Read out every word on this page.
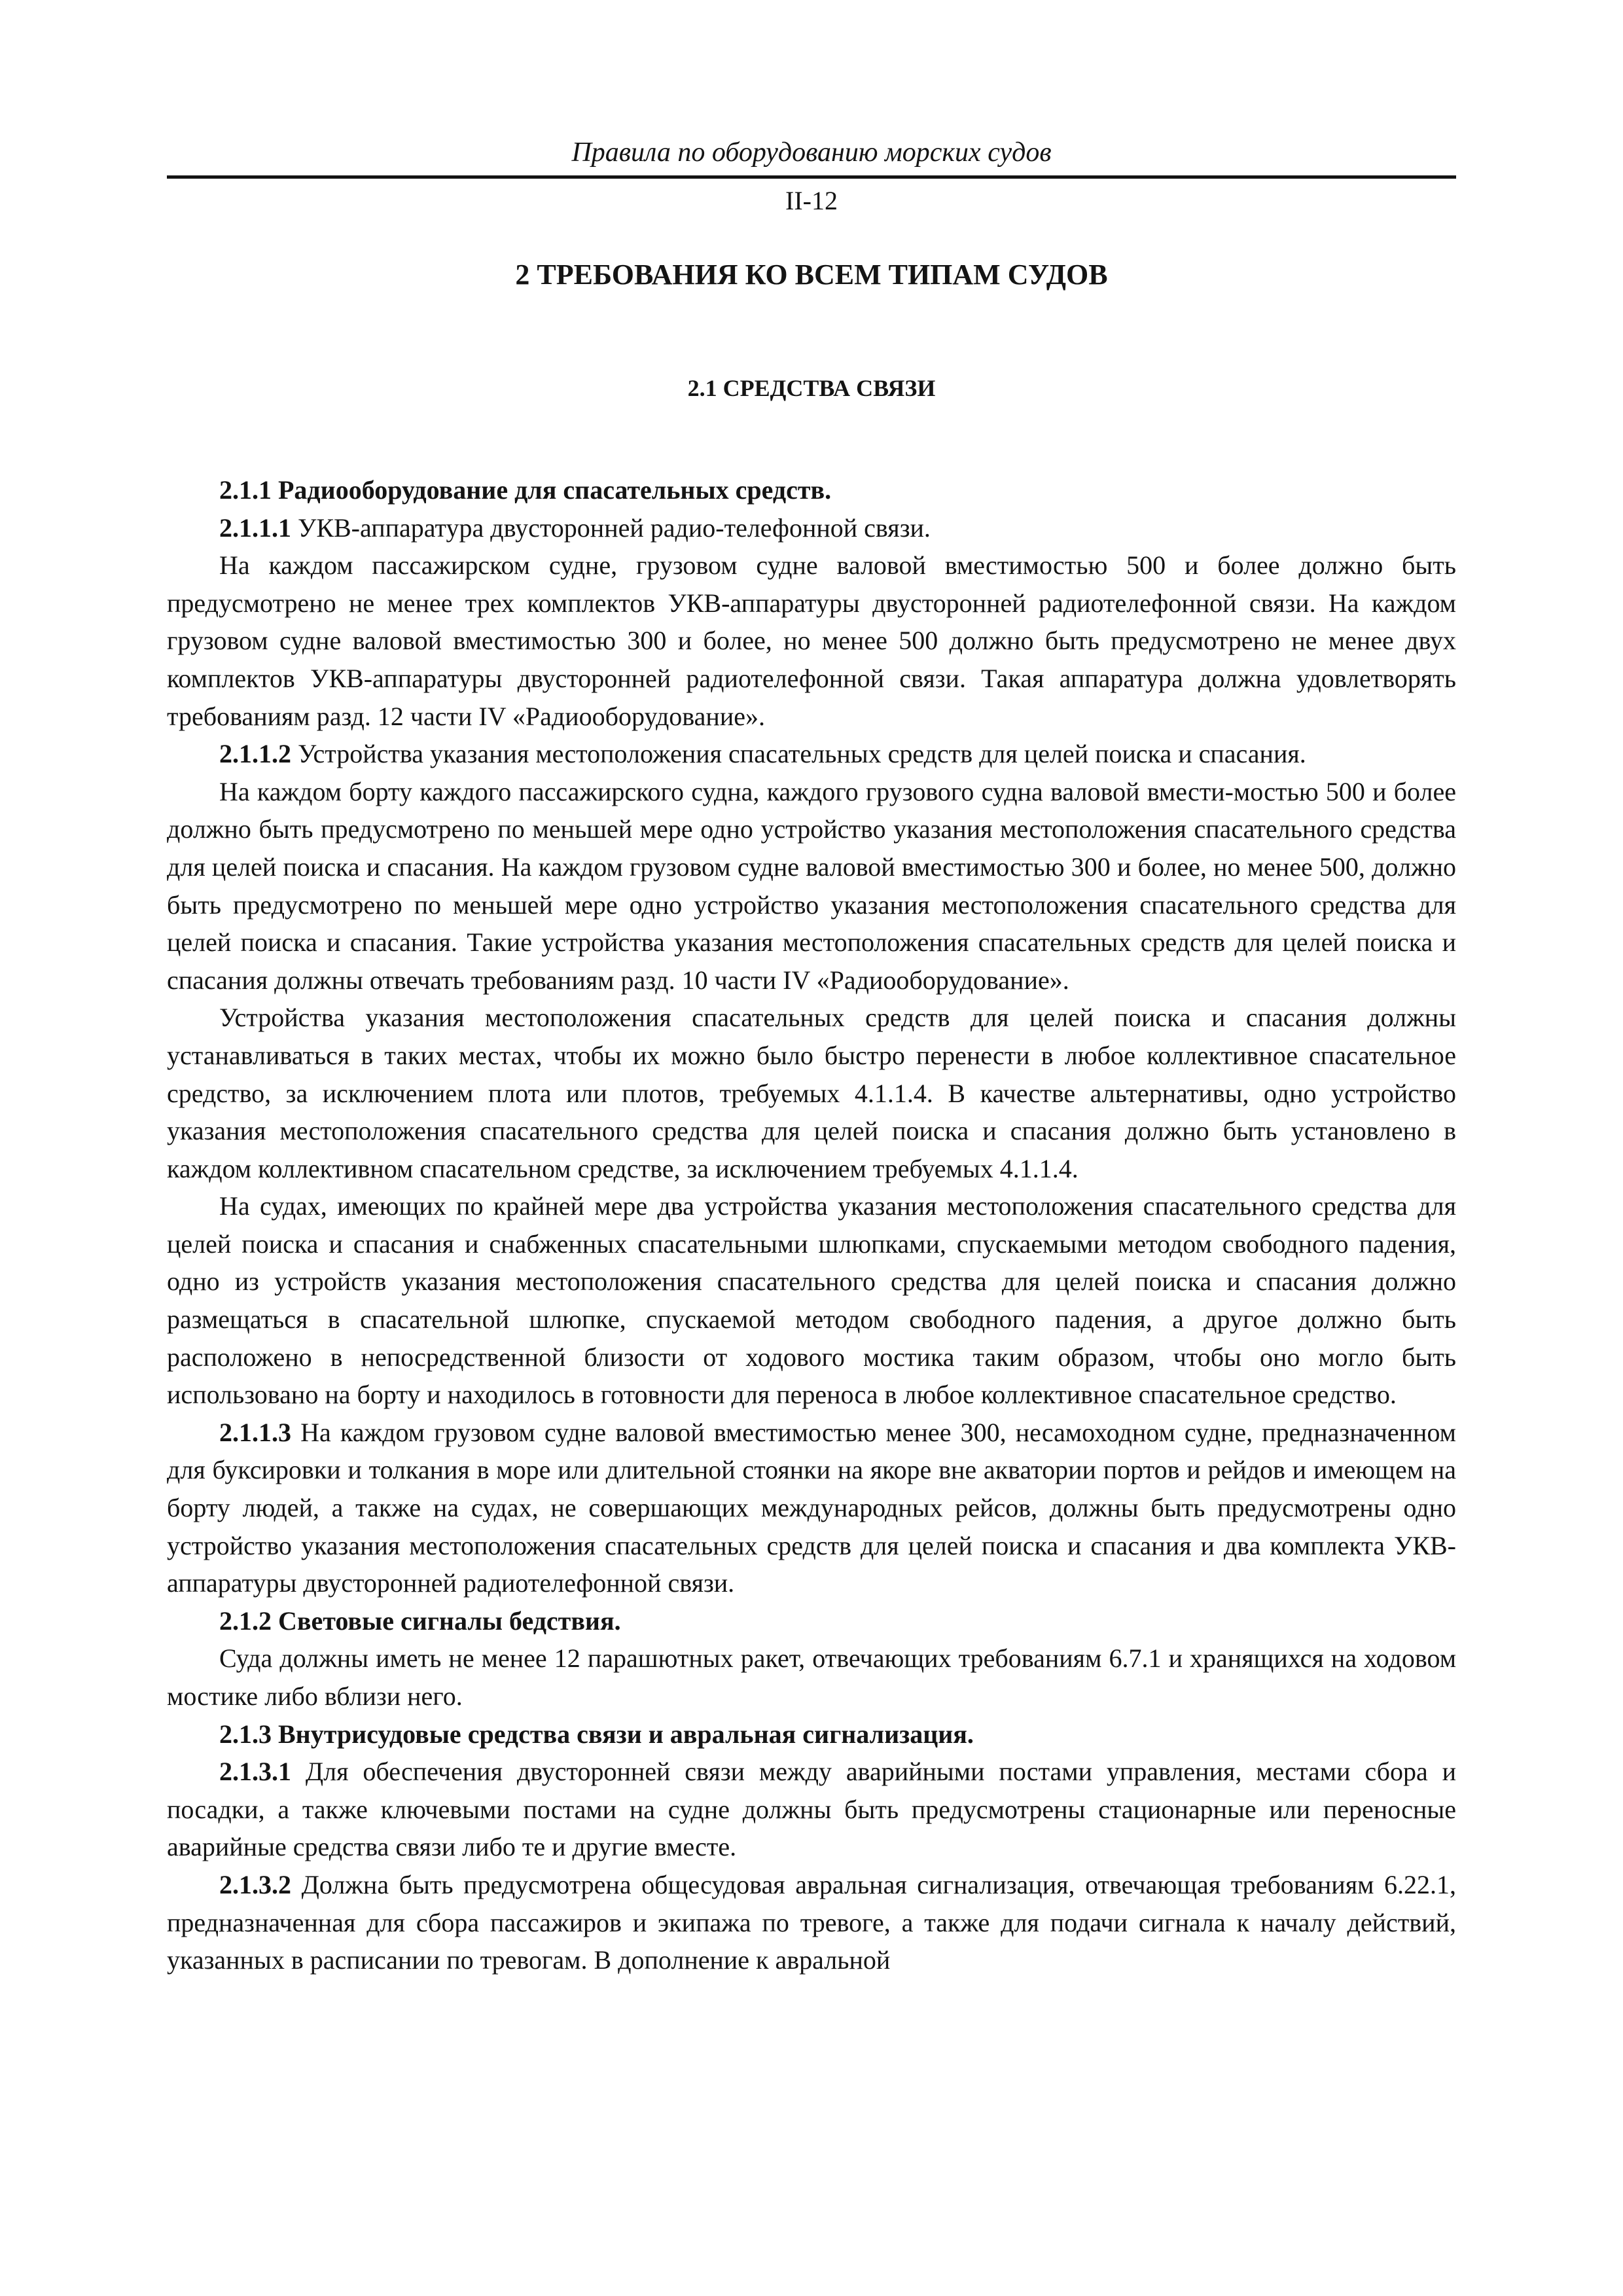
Правила по оборудованию морских судов
II-12
2 ТРЕБОВАНИЯ КО ВСЕМ ТИПАМ СУДОВ
2.1 СРЕДСТВА СВЯЗИ

2.1.1 Радиооборудование для спасательных средств.

2.1.1.1 УКВ-аппаратура двусторонней радио-телефонной связи.

На каждом пассажирском судне, грузовом судне валовой вместимостью 500 и более должно быть предусмотрено не менее трех комплектов УКВ-аппаратуры двусторонней радиотелефонной связи. На каждом грузовом судне валовой вместимостью 300 и более, но менее 500 должно быть предусмотрено не менее двух комплектов УКВ-аппаратуры двусторонней радиотелефонной связи. Такая аппаратура должна удовлетворять требованиям разд. 12 части IV «Радиооборудование».

2.1.1.2 Устройства указания местоположения спасательных средств для целей поиска и спасания.

На каждом борту каждого пассажирского судна, каждого грузового судна валовой вмести-мостью 500 и более должно быть предусмотрено по меньшей мере одно устройство указания местоположения спасательного средства для целей поиска и спасания. На каждом грузовом судне валовой вместимостью 300 и более, но менее 500, должно быть предусмотрено по меньшей мере одно устройство указания местоположения спасательного средства для целей поиска и спасания. Такие устройства указания местоположения спасательных средств для целей поиска и спасания должны отвечать требованиям разд. 10 части IV «Радиооборудование».

Устройства указания местоположения спасательных средств для целей поиска и спасания должны устанавливаться в таких местах, чтобы их можно было быстро перенести в любое коллективное спасательное средство, за исключением плота или плотов, требуемых 4.1.1.4. В качестве альтернативы, одно устройство указания местоположения спасательного средства для целей поиска и спасания должно быть установлено в каждом коллективном спасательном средстве, за исключением требуемых 4.1.1.4.

На судах, имеющих по крайней мере два устройства указания местоположения спасательного средства для целей поиска и спасания и снабженных спасательными шлюпками, спускаемыми методом свободного падения, одно из устройств указания местоположения спасательного средства для целей поиска и спасания должно размещаться в спасательной шлюпке, спускаемой методом свободного падения, а другое должно быть расположено в непосредственной близости от ходового мостика таким образом, чтобы оно могло быть использовано на борту и находилось в готовности для переноса в любое коллективное спасательное средство.

2.1.1.3 На каждом грузовом судне валовой вместимостью менее 300, несамоходном судне, предназначенном для буксировки и толкания в море или длительной стоянки на якоре вне акватории портов и рейдов и имеющем на борту людей, а также на судах, не совершающих международных рейсов, должны быть предусмотрены одно устройство указания местоположения спасательных средств для целей поиска и спасания и два комплекта УКВ-аппаратуры двусторонней радиотелефонной связи.

2.1.2 Световые сигналы бедствия.

Суда должны иметь не менее 12 парашютных ракет, отвечающих требованиям 6.7.1 и хранящихся на ходовом мостике либо вблизи него.

2.1.3 Внутрисудовые средства связи и авральная сигнализация.

2.1.3.1 Для обеспечения двусторонней связи между аварийными постами управления, местами сбора и посадки, а также ключевыми постами на судне должны быть предусмотрены стационарные или переносные аварийные средства связи либо те и другие вместе.

2.1.3.2 Должна быть предусмотрена общесудовая авральная сигнализация, отвечающая требованиям 6.22.1, предназначенная для сбора пассажиров и экипажа по тревоге, а также для подачи сигнала к началу действий, указанных в расписании по тревогам. В дополнение к авральной
